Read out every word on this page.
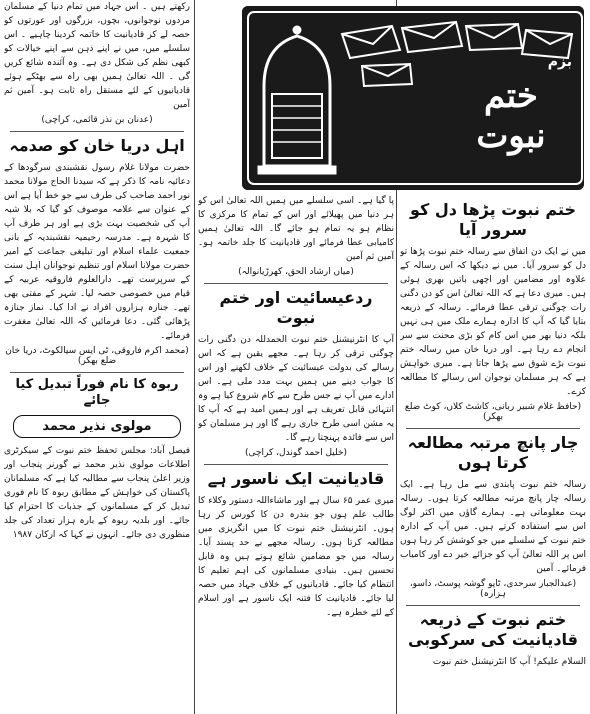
ختم نبوت پڑھا دل کو سرور آیا

میں نے ایک دن اتفاق سے رسالہ ختم نبوت پڑھا تو دل کو سرور آیا۔ میں نے دیکھا کہ اس رسالہ کے علاوہ اور مضامین اور اچھی باتیں بھری ہوئی ہیں۔ میری دعا ہے کہ اللہ تعالیٰ اس کو دن دگنی رات چوگنی ترقی عطا فرمائے۔ رسالہ کے ذریعہ بتایا گیا کہ آپ کا ادارہ ہمارے ملک میں ہی نہیں بلکہ دنیا بھر میں اس کام کو بڑی محنت سے سر انجام دے رہا ہے۔ اور دریا خان میں رسالہ ختم نبوت بڑے شوق سے پڑھا جاتا ہے۔ میری خواہش ہے کہ ہر مسلمان نوجوان اس رسالے کا مطالعہ کرے۔

(حافظ غلام شبیر ربانی، کاشٹ کلاں، کوٹ ضلع بھکر)
چار پانچ مرتبہ مطالعہ کرتا ہوں

رسالہ ختم نبوت پابندی سے مل رہا ہے۔ ایک رسالہ چار پانچ مرتبہ مطالعہ کرتا ہوں۔ رسالہ بہت معلوماتی ہے۔ ہمارے گاؤں میں اکثر لوگ اس سے استفادہ کرتے ہیں۔ میں آپ کے ادارہ ختم نبوت کے سلسلے میں جو کوشش کر رہا ہوں اس پر اللہ تعالیٰ آپ کو جزائے خیر دے اور کامیاب فرمائے۔ آمین

(عبدالجبار سرحدی، ٹاپو گوشہ پوسٹ، داسو، ہزارہ)
ختم نبوت کے ذریعہ قادیانیت کی سرکوبی

السلام علیکم! آپ کا انٹرنیشنل ختم نبوت

بزم
ختم نبوت

پا گیا ہے۔ اسی سلسلے میں ہمیں اللہ تعالیٰ اس کو ہر دنیا میں پھیلائے اور اس کے تمام کا مرکزی کا نظام ہو یہ تمام ہو جائے گا۔ اللہ تعالیٰ ہمیں کامیابی عطا فرمائے اور قادیانیت کا جلد خاتمہ ہو۔ آمین ثم آمین

(میاں ارشاد الحق، کھرڑیانوالہ)
ردعیسائیت اور ختم نبوت

آپ کا انٹرنیشنل ختم نبوت الحمدللہ دن دگنی رات چوگنی ترقی کر رہا ہے۔ مجھے یقین ہے کہ اس رسالے کی بدولت عیسائیت کے خلاف لکھنے اور اس کا جواب دینے میں ہمیں بہت مدد ملی ہے۔ اس ادارے میں آپ نے جس طرح سے کام شروع کیا ہے وہ انتہائی قابل تعریف ہے اور ہمیں امید ہے کہ آپ کا یہ مشن اسی طرح جاری رہے گا اور ہر مسلمان کو اس سے فائدہ پہنچتا رہے گا۔

(خلیل احمد گوندل، کراچی)
قادیانیت ایک ناسور ہے

میری عمر ۶۵ سال ہے اور ماشاءاللہ دستور وکلاء کا طالب علم ہوں جو بندرہ دن کا کورس کر رہا ہوں۔ انٹرنیشنل ختم نبوت کا میں انگریزی میں مطالعہ کرتا ہوں۔ رسالہ مجھے بے حد پسند آیا۔ رسالہ میں جو مضامین شائع ہوتے ہیں وہ قابل تحسین ہیں۔ بنیادی مسلمانوں کی اہم تعلیم کا انتظام کیا جائے۔ قادیانیوں کے خلاف جہاد میں حصہ لیا جائے۔ قادیانیت کا فتنہ ایک ناسور ہے اور اسلام کے لئے خطرہ ہے۔

رکھتے ہیں ۔ اس جہاد میں تمام دنیا کے مسلمان مردوں نوجوانوں، بچوں، بزرگوں اور عورتوں کو حصہ لے کر قادیانیت کا خاتمہ کردینا چاہیے ۔ اس سلسلے میں، میں نے اپنے ذہن سے اپنے خیالات کو کبھی نظم کی شکل دی ہے۔ وہ آئندہ شائع کریں گی ۔ اللہ تعالیٰ ہمیں بھی راہ سے بھٹکے ہوئے قادیانیوں کے لئے مستقل راہ ثابت ہو۔ آمین ثم آمین

(عدنان بن نذر قائمی، کراچی)
اہل دریا خان کو صدمہ

حضرت مولانا غلام رسول نقشبندی سرگودھا کے دعائیہ نامہ کا ذکر ہے کہ سیدنا الحاج مولانا محمد نور احمد صاحب کی طرف سے جو خط آیا ہے اس کے عنوان سے علامہ موصوف کو گیا کہ بلا شبہ آپ کی شخصیت بہت بڑی ہے اور ہر طرف آپ کا شہرہ ہے۔ مدرسہ رحیمیہ نقشبندیہ کے بانی جمعیت علماء اسلام اور تبلیغی جماعت کے امیر حضرت مولانا اسلام اور تنظیم نوجوانان اہل سنت کے سرپرست تھے۔ دارالعلوم فاروقیہ عربیہ کے قیام میں خصوصی حصہ لیا۔ شہر کے مفتی بھی تھے۔ جنازہ ہزاروں افراد نے ادا کیا۔ نماز جنازہ پڑھائی گئی۔ دعا فرمائیں کہ اللہ تعالیٰ مغفرت فرمائے۔

(محمد اکرم فاروقی، ٹی ایس سیالکوٹ، دریا خان ضلع بھکر)
ربوہ کا نام فوراً تبدیل کیا جائے
مولوی نذیر محمد

فیصل آباد: مجلس تحفظ ختم نبوت کے سیکرٹری اطلاعات مولوی نذیر محمد نے گورنر پنجاب اور وزیر اعلیٰ پنجاب سے مطالبہ کیا ہے کہ مسلمانان پاکستان کی خواہش کے مطابق ربوہ کا نام فوری تبدیل کر کے مسلمانوں کے جذبات کا احترام کیا جائے۔ اور بلدیہ ربوہ کے بارہ ہزار تعداد کی جلد منظوری دی جائے۔ انہوں نے کہا کہ ارکان ۱۹۸۷
